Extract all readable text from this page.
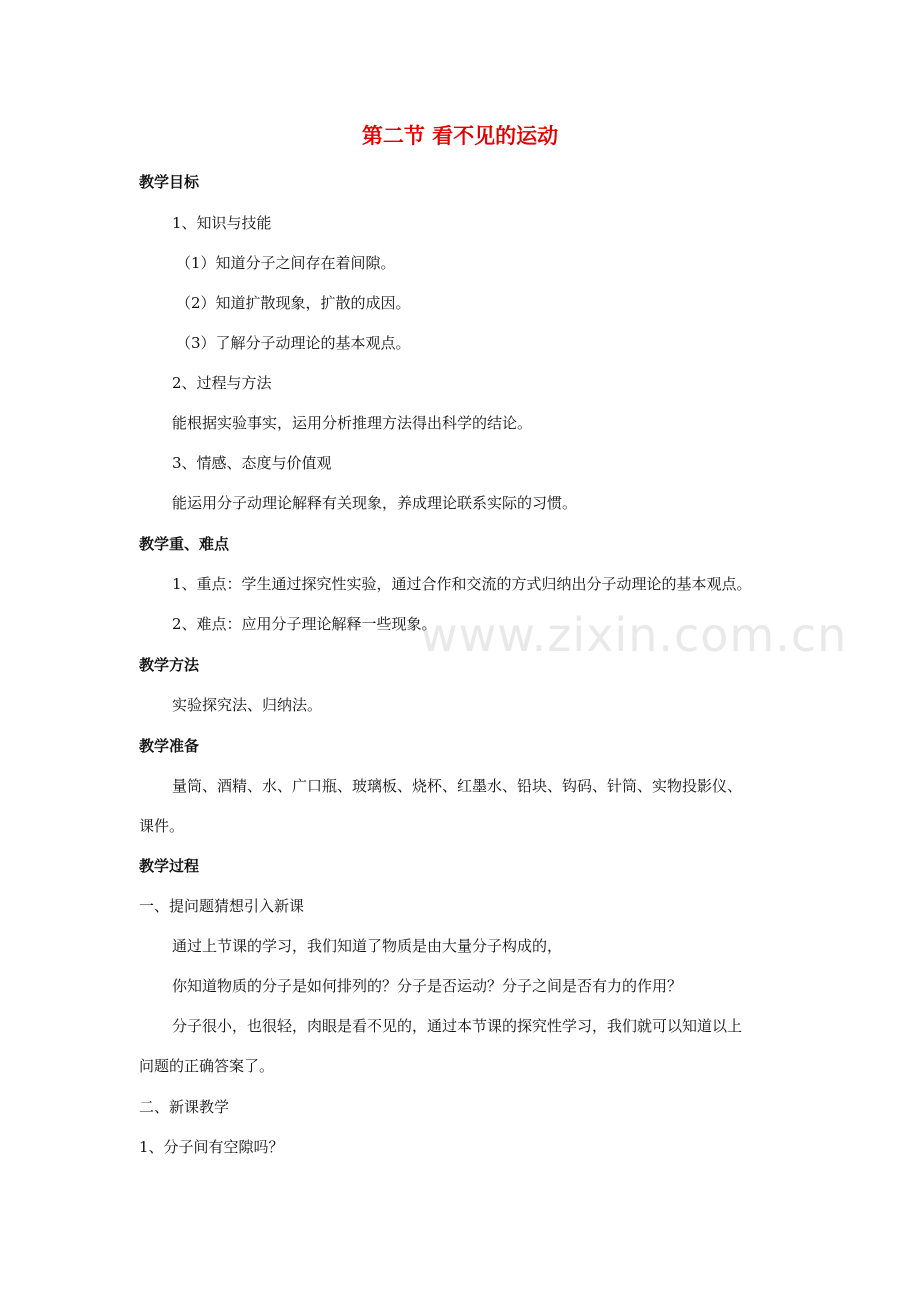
第二节 看不见的运动
教学目标
1、知识与技能
（1）知道分子之间存在着间隙。
（2）知道扩散现象，扩散的成因。
（3）了解分子动理论的基本观点。
2、过程与方法
能根据实验事实，运用分析推理方法得出科学的结论。
3、情感、态度与价值观
能运用分子动理论解释有关现象，养成理论联系实际的习惯。
教学重、难点
1、重点：学生通过探究性实验，通过合作和交流的方式归纳出分子动理论的基本观点。
2、难点：应用分子理论解释一些现象。
教学方法
实验探究法、归纳法。
教学准备
量筒、酒精、水、广口瓶、玻璃板、烧杯、红墨水、铅块、钩码、针筒、实物投影仪、
课件。
教学过程
一、提问题猜想引入新课
通过上节课的学习，我们知道了物质是由大量分子构成的，
你知道物质的分子是如何排列的？分子是否运动？分子之间是否有力的作用？
分子很小，也很轻，肉眼是看不见的，通过本节课的探究性学习，我们就可以知道以上
问题的正确答案了。
二、新课教学
1、分子间有空隙吗？
www.zixin.com.cn
